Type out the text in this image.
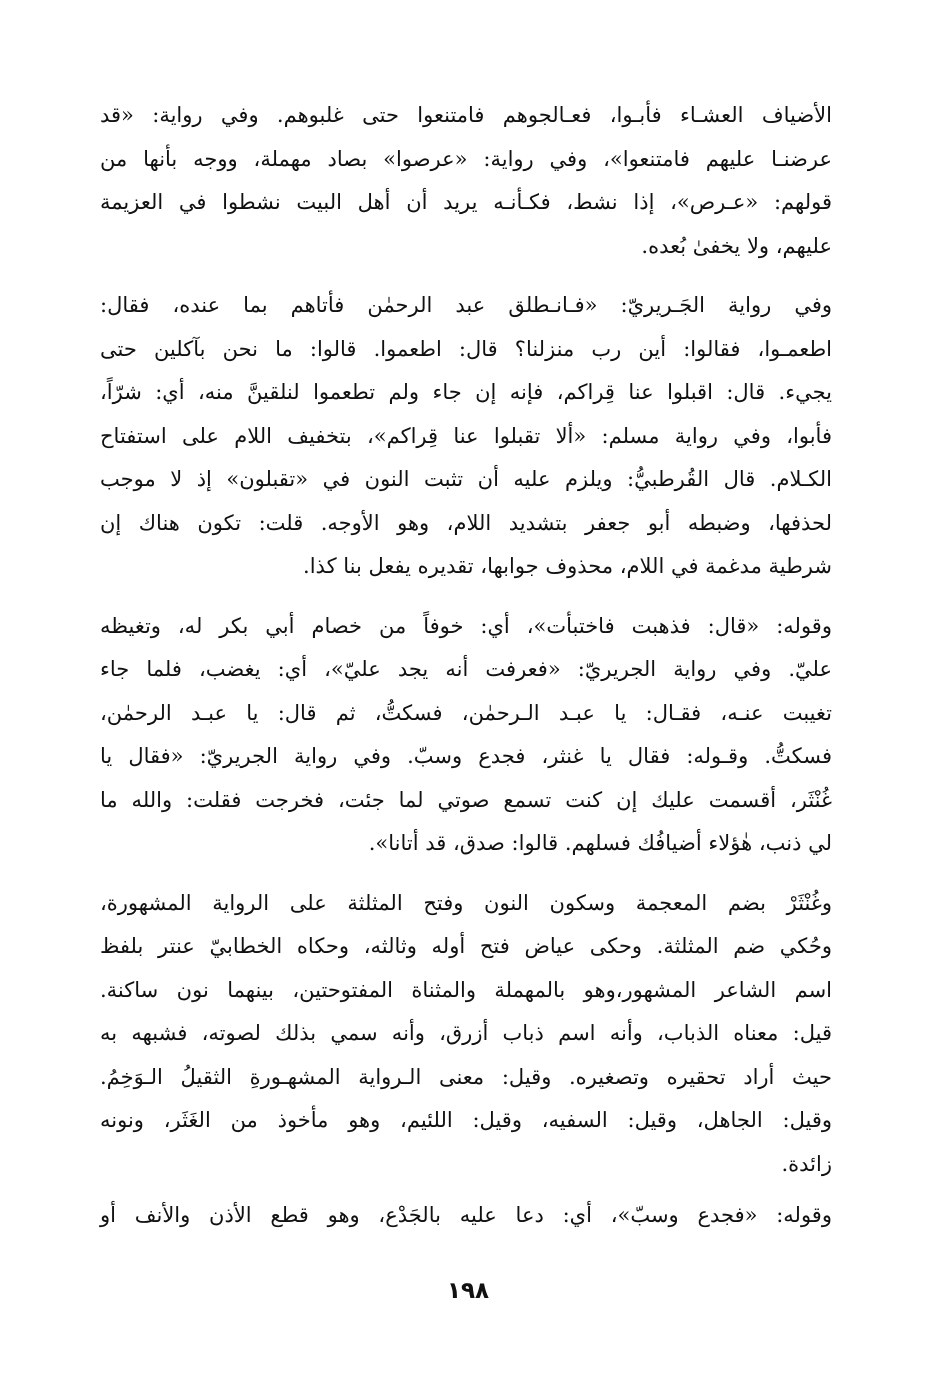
الأضياف العشـاء فأبـوا، فعـالجوهم فامتنعوا حتى غلبوهم. وفي رواية: «قد
عرضنـا عليهم فامتنعوا»، وفي رواية: «عرصوا» بصاد مهملة، ووجه بأنها من
قولهم: «عـرص»، إذا نشط، فكـأنـه يريد أن أهل البيت نشطوا في العزيمة
عليهم، ولا يخفىٰ بُعده.
وفي رواية الجَـريريّ: «فـانـطلق عبد الرحمٰن فأتاهم بما عنده، فقال:
اطعمـوا، فقالوا: أين رب منزلنا؟ قال: اطعموا. قالوا: ما نحن بآكلين حتى
يجيء. قال: اقبلوا عنا قِراكم، فإنه إن جاء ولم تطعموا لنلقينَّ منه، أي: شرّاً،
فأبوا، وفي رواية مسلم: «ألا تقبلوا عنا قِراكم»، بتخفيف اللام على استفتاح
الكـلام. قال القُرطبيُّ: ويلزم عليه أن تثبت النون في «تقبلون» إذ لا موجب
لحذفها، وضبطه أبو جعفر بتشديد اللام، وهو الأوجه. قلت: تكون هناك إن
شرطية مدغمة في اللام، محذوف جوابها، تقديره يفعل بنا كذا.
وقوله: «قال: فذهبت فاختبأت»، أي: خوفاً من خصام أبي بكر له، وتغيظه
عليّ. وفي رواية الجريريّ: «فعرفت أنه يجد عليّ»، أي: يغضب، فلما جاء
تغيبت عنـه، فقـال: يا عبـد الـرحمٰن، فسكتُّ، ثم قال: يا عبـد الرحمٰن،
فسكتُّ. وقـوله: فقال يا غنثر، فجدع وسبّ. وفي رواية الجريريّ: «فقال يا
غُنْثَر، أقسمت عليك إن كنت تسمع صوتي لما جئت، فخرجت فقلت: والله ما
لي ذنب، هٰؤلاء أضيافُك فسلهم. قالوا: صدق، قد أتانا».
وغُنْثَرْ بضم المعجمة وسكون النون وفتح المثلثة على الرواية المشهورة،
وحُكي ضم المثلثة. وحكى عياض فتح أوله وثالثه، وحكاه الخطابيّ عنتر بلفظ
اسم الشاعر المشهور،وهو بالمهملة والمثناة المفتوحتين، بينهما نون ساكنة.
قيل: معناه الذباب، وأنه اسم ذباب أزرق، وأنه سمي بذلك لصوته، فشبهه به
حيث أراد تحقيره وتصغيره. وقيل: معنى الـرواية المشهـورةِ الثقيلُ الـوَخِمُ.
وقيل: الجاهل، وقيل: السفيه، وقيل: اللئيم، وهو مأخوذ من الغَثَر، ونونه
زائدة.
وقوله: «فجدع وسبّ»، أي: دعا عليه بالجَدْع، وهو قطع الأذن والأنف أو
١٩٨
